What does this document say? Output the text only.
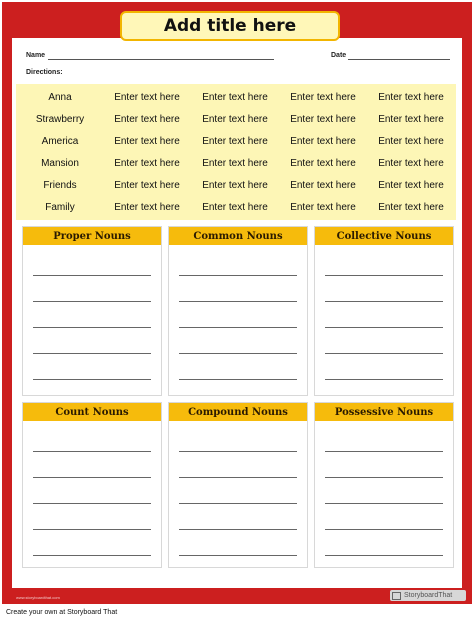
Add title here
Name	Date
Directions:
Anna	Enter text here	Enter text here	Enter text here	Enter text here
Strawberry	Enter text here	Enter text here	Enter text here	Enter text here
America	Enter text here	Enter text here	Enter text here	Enter text here
Mansion	Enter text here	Enter text here	Enter text here	Enter text here
Friends	Enter text here	Enter text here	Enter text here	Enter text here
Family	Enter text here	Enter text here	Enter text here	Enter text here
Proper Nouns	Common Nouns	Collective Nouns
Count Nouns	Compound Nouns	Possessive Nouns
www.storyboardthat.com	StoryboardThat
Create your own at Storyboard That
